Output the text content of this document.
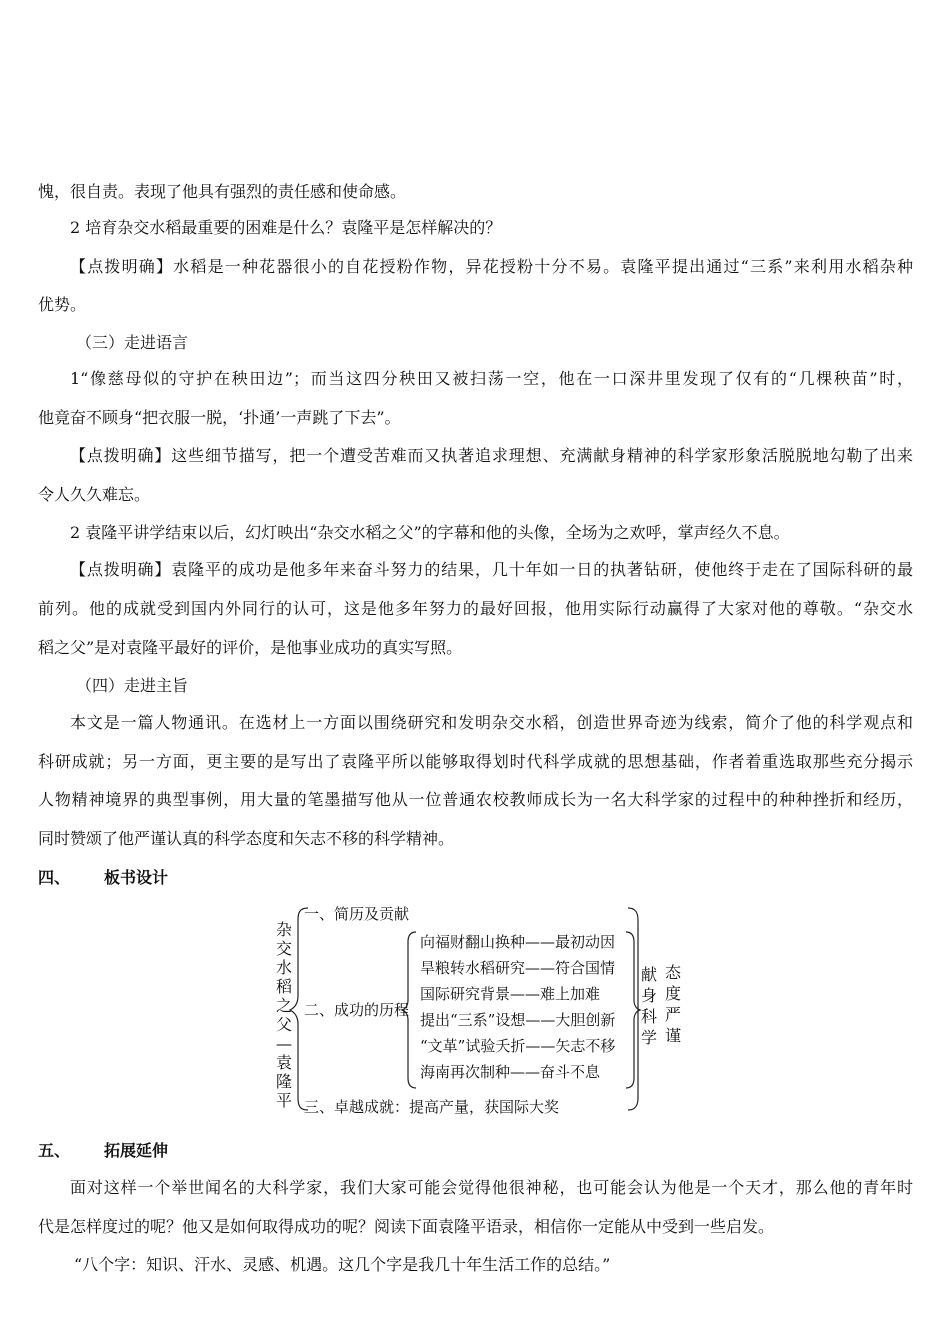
愧，很自责。表现了他具有强烈的责任感和使命感。
2 培育杂交水稻最重要的困难是什么？袁隆平是怎样解决的？
【点拨明确】水稻是一种花器很小的自花授粉作物，异花授粉十分不易。袁隆平提出通过“三系”来利用水稻杂种
优势。
（三）走进语言
1“像慈母似的守护在秧田边”；而当这四分秧田又被扫荡一空，他在一口深井里发现了仅有的“几棵秧苗”时，
他竟奋不顾身“把衣服一脱，‘扑通’一声跳了下去”。
【点拨明确】这些细节描写，把一个遭受苦难而又执著追求理想、充满献身精神的科学家形象活脱脱地勾勒了出来
令人久久难忘。
2 袁隆平讲学结束以后，幻灯映出“杂交水稻之父”的字幕和他的头像，全场为之欢呼，掌声经久不息。
【点拨明确】袁隆平的成功是他多年来奋斗努力的结果，几十年如一日的执著钻研，使他终于走在了国际科研的最
前列。他的成就受到国内外同行的认可，这是他多年努力的最好回报，他用实际行动赢得了大家对他的尊敬。“杂交水
稻之父”是对袁隆平最好的评价，是他事业成功的真实写照。
（四）走进主旨
本文是一篇人物通讯。在选材上一方面以围绕研究和发明杂交水稻，创造世界奇迹为线索，简介了他的科学观点和
科研成就；另一方面，更主要的是写出了袁隆平所以能够取得划时代科学成就的思想基础，作者着重选取那些充分揭示
人物精神境界的典型事例，用大量的笔墨描写他从一位普通农校教师成长为一名大科学家的过程中的种种挫折和经历，
同时赞颂了他严谨认真的科学态度和矢志不移的科学精神。
四、 板书设计
杂
交
水
稻
之
父
—
袁
隆
平
一、简历及贡献
二、成功的历程
三、卓越成就：提高产量，获国际大奖
向福财翻山换种——最初动因
旱粮转水稻研究——符合国情
国际研究背景——难上加难
提出“三系”设想——大胆创新
“文革”试验夭折——矢志不移
海南再次制种——奋斗不息
献
身
科
学
态
度
严
谨
五、 拓展延伸
面对这样一个举世闻名的大科学家，我们大家可能会觉得他很神秘，也可能会认为他是一个天才，那么他的青年时
代是怎样度过的呢？他又是如何取得成功的呢？阅读下面袁隆平语录，相信你一定能从中受到一些启发。
“八个字：知识、汗水、灵感、机遇。这几个字是我几十年生活工作的总结。”
